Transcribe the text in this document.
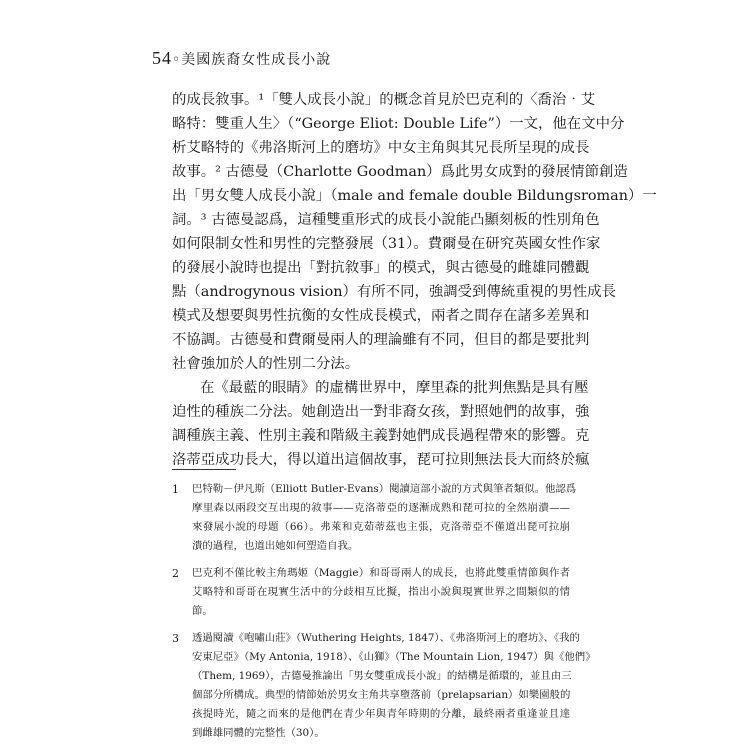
54◦美國族裔女性成長小說
的成長敘事。¹「雙人成長小說」的概念首見於巴克利的〈喬治‧艾
略特：雙重人生〉（“George Eliot: Double Life”）一文，他在文中分
析艾略特的《弗洛斯河上的磨坊》中女主角與其兄長所呈現的成長
故事。² 古德曼（Charlotte Goodman）爲此男女成對的發展情節創造
出「男女雙人成長小說」（male and female double Bildungsroman）一
詞。³ 古德曼認爲，這種雙重形式的成長小說能凸顯刻板的性別角色
如何限制女性和男性的完整發展（31）。費爾曼在研究英國女性作家
的發展小說時也提出「對抗敘事」的模式，與古德曼的雌雄同體觀
點（androgynous vision）有所不同，強調受到傳統重視的男性成長
模式及想要與男性抗衡的女性成長模式，兩者之間存在諸多差異和
不協調。古德曼和費爾曼兩人的理論雖有不同，但目的都是要批判
社會強加於人的性別二分法。
在《最藍的眼睛》的虛構世界中，摩里森的批判焦點是具有壓
迫性的種族二分法。她創造出一對非裔女孩，對照她們的故事，強
調種族主義、性別主義和階級主義對她們成長過程帶來的影響。克
洛蒂亞成功長大，得以道出這個故事，琵可拉則無法長大而終於瘋
1 巴特勒－伊凡斯（Elliott Butler-Evans）閱讀這部小說的方式與筆者類似。他認爲
摩里森以兩段交互出現的敘事——克洛蒂亞的逐漸成熟和琵可拉的全然崩潰——
來發展小說的母題（66）。弗萊和克茹蒂茲也主張，克洛蒂亞不僅道出琵可拉崩
潰的過程，也道出她如何塑造自我。
2 巴克利不僅比較主角瑪姬（Maggie）和哥哥兩人的成長，也將此雙重情節與作者
艾略特和哥哥在現實生活中的分歧相互比擬，指出小說與現實世界之間類似的情
節。
3 透過閱讀《咆嘯山莊》（Wuthering Heights, 1847）、《弗洛斯河上的磨坊》、《我的
安東尼亞》（My Antonia, 1918）、《山獅》（The Mountain Lion, 1947）與《他們》
（Them, 1969），古德曼推論出「男女雙重成長小說」的結構是循環的，並且由三
個部分所構成。典型的情節始於男女主角共享墮落前（prelapsarian）如樂園般的
孩提時光，隨之而來的是他們在青少年與青年時期的分離，最終兩者重逢並且達
到雌雄同體的完整性（30）。
